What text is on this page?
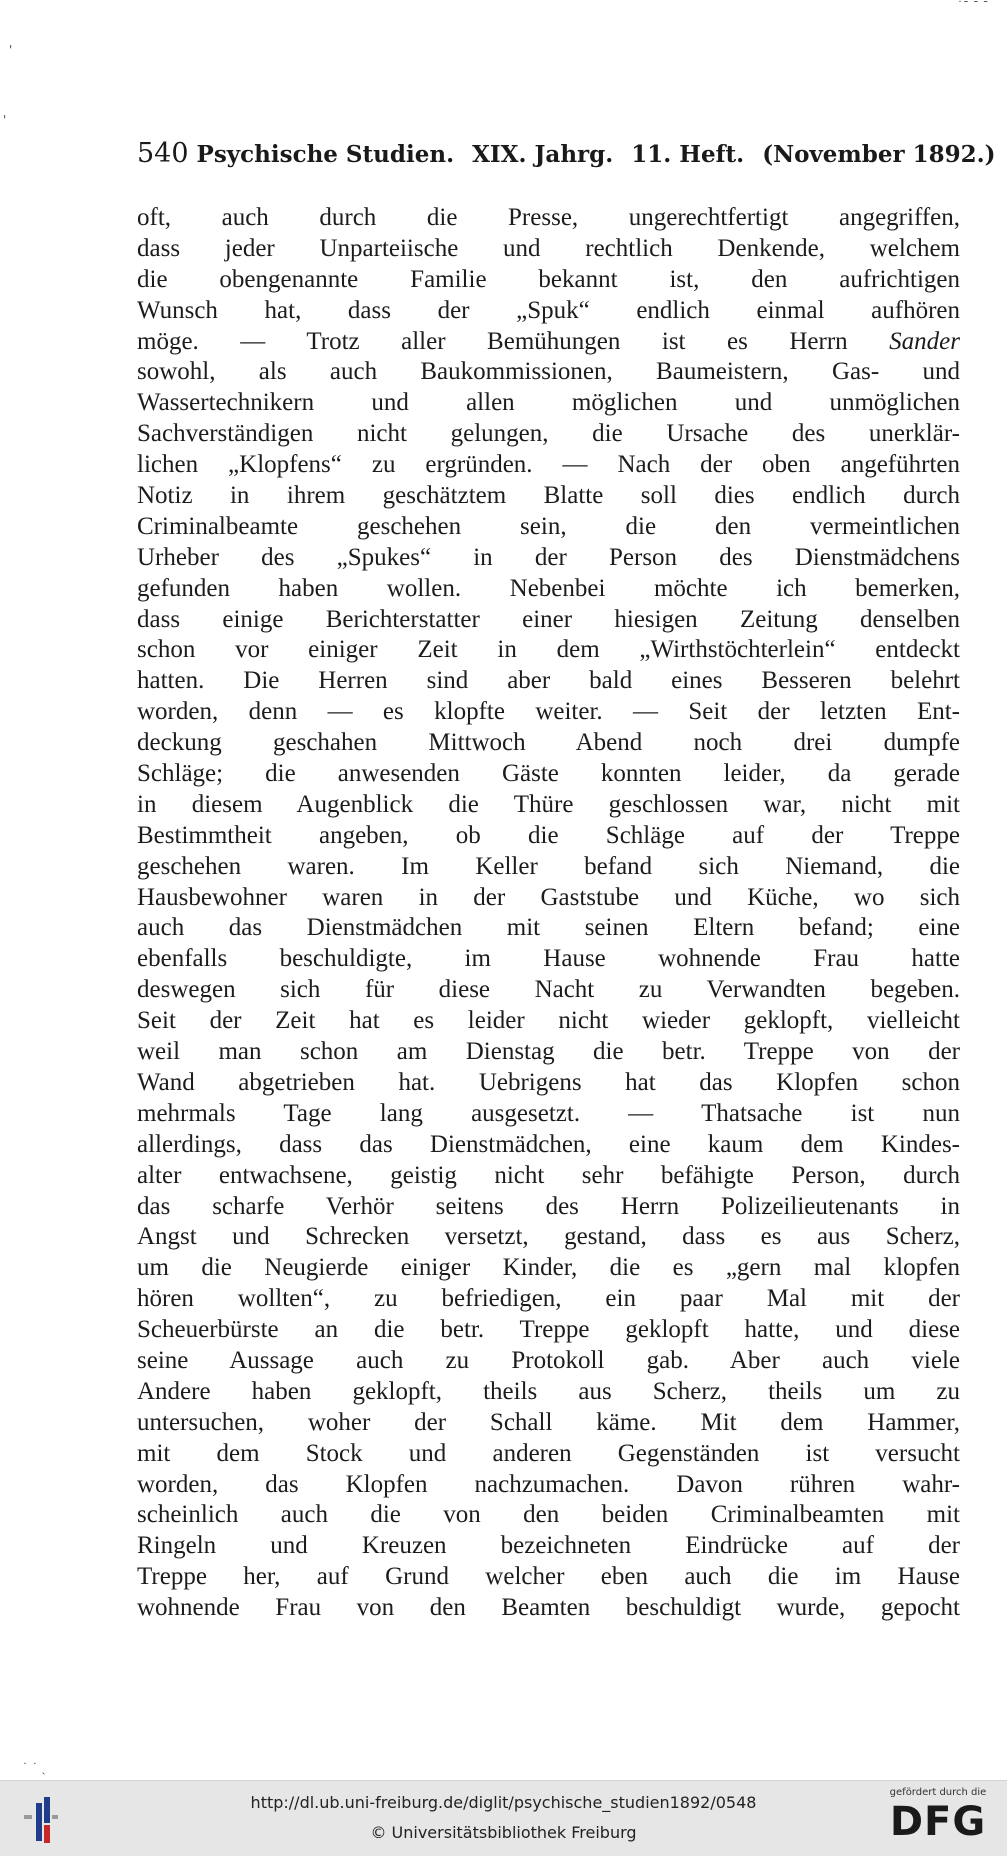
'
'
˙ˉ ˉ ˉ
˙ ˙ ˎ
540 Psychische Studien. XIX. Jahrg. 11. Heft. (November 1892.)
oft, auch durch die Presse, ungerechtfertigt angegriffen,
dass jeder Unparteiische und rechtlich Denkende, welchem
die obengenannte Familie bekannt ist, den aufrichtigen
Wunsch hat, dass der „Spuk“ endlich einmal aufhören
möge. — Trotz aller Bemühungen ist es Herrn Sander
sowohl, als auch Baukommissionen, Baumeistern, Gas- und
Wassertechnikern und allen möglichen und unmöglichen
Sachverständigen nicht gelungen, die Ursache des unerklär-
lichen „Klopfens“ zu ergründen. — Nach der oben angeführten
Notiz in ihrem geschätztem Blatte soll dies endlich durch
Criminalbeamte geschehen sein, die den vermeintlichen
Urheber des „Spukes“ in der Person des Dienstmädchens
gefunden haben wollen. Nebenbei möchte ich bemerken,
dass einige Berichterstatter einer hiesigen Zeitung denselben
schon vor einiger Zeit in dem „Wirthstöchterlein“ entdeckt
hatten. Die Herren sind aber bald eines Besseren belehrt
worden, denn — es klopfte weiter. — Seit der letzten Ent-
deckung geschahen Mittwoch Abend noch drei dumpfe
Schläge; die anwesenden Gäste konnten leider, da gerade
in diesem Augenblick die Thüre geschlossen war, nicht mit
Bestimmtheit angeben, ob die Schläge auf der Treppe
geschehen waren. Im Keller befand sich Niemand, die
Hausbewohner waren in der Gaststube und Küche, wo sich
auch das Dienstmädchen mit seinen Eltern befand; eine
ebenfalls beschuldigte, im Hause wohnende Frau hatte
deswegen sich für diese Nacht zu Verwandten begeben.
Seit der Zeit hat es leider nicht wieder geklopft, vielleicht
weil man schon am Dienstag die betr. Treppe von der
Wand abgetrieben hat. Uebrigens hat das Klopfen schon
mehrmals Tage lang ausgesetzt. — Thatsache ist nun
allerdings, dass das Dienstmädchen, eine kaum dem Kindes-
alter entwachsene, geistig nicht sehr befähigte Person, durch
das scharfe Verhör seitens des Herrn Polizeilieutenants in
Angst und Schrecken versetzt, gestand, dass es aus Scherz,
um die Neugierde einiger Kinder, die es „gern mal klopfen
hören wollten“, zu befriedigen, ein paar Mal mit der
Scheuerbürste an die betr. Treppe geklopft hatte, und diese
seine Aussage auch zu Protokoll gab. Aber auch viele
Andere haben geklopft, theils aus Scherz, theils um zu
untersuchen, woher der Schall käme. Mit dem Hammer,
mit dem Stock und anderen Gegenständen ist versucht
worden, das Klopfen nachzumachen. Davon rühren wahr-
scheinlich auch die von den beiden Criminalbeamten mit
Ringeln und Kreuzen bezeichneten Eindrücke auf der
Treppe her, auf Grund welcher eben auch die im Hause
wohnende Frau von den Beamten beschuldigt wurde, gepocht
http://dl.ub.uni-freiburg.de/diglit/psychische_studien1892/0548
© Universitätsbibliothek Freiburg
gefördert durch die
DFG
